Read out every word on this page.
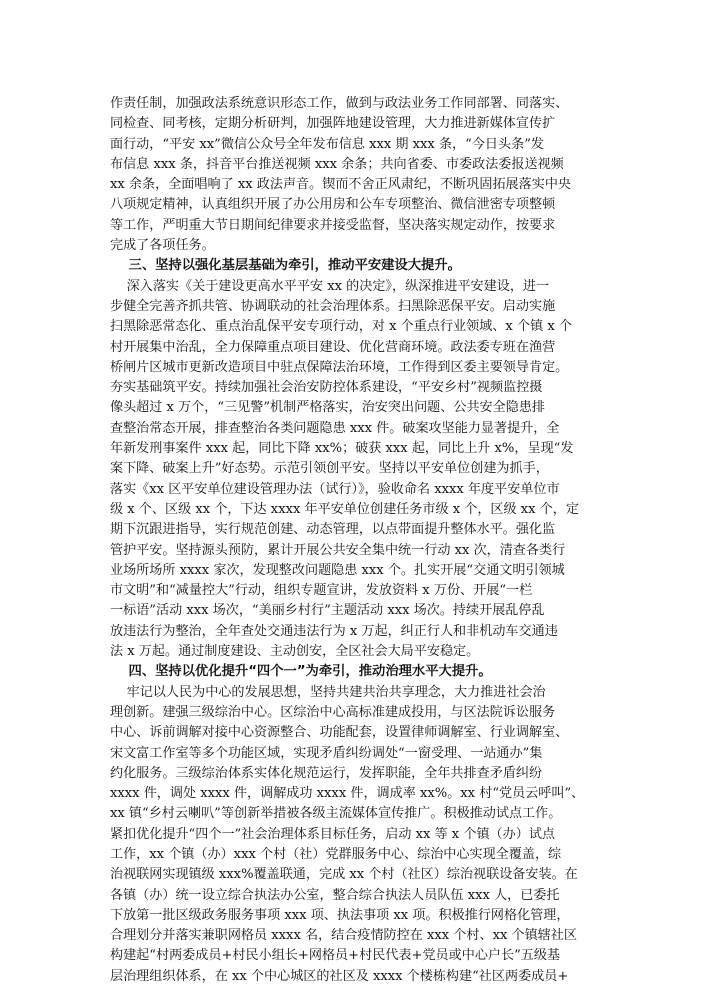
作责任制，加强政法系统意识形态工作，做到与政法业务工作同部署、同落实、
同检查、同考核，定期分析研判，加强阵地建设管理，大力推进新媒体宣传扩
面行动，“平安 xx”微信公众号全年发布信息 xxx 期 xxx 条，“今日头条”发
布信息 xxx 条，抖音平台推送视频 xxx 余条；共向省委、市委政法委报送视频
xx 余条，全面唱响了 xx 政法声音。锲而不舍正风肃纪，不断巩固拓展落实中央
八项规定精神，认真组织开展了办公用房和公车专项整治、微信泄密专项整顿
等工作，严明重大节日期间纪律要求并接受监督，坚决落实规定动作，按要求
完成了各项任务。
三、坚持以强化基层基础为牵引，推动平安建设大提升。
深入落实《关于建设更高水平平安 xx 的决定》，纵深推进平安建设，进一
步健全完善齐抓共管、协调联动的社会治理体系。扫黑除恶保平安。启动实施
扫黑除恶常态化、重点治乱保平安专项行动，对 x 个重点行业领域、x 个镇 x 个
村开展集中治乱，全力保障重点项目建设、优化营商环境。政法委专班在渔营
桥闸片区城市更新改造项目中驻点保障法治环境，工作得到区委主要领导肯定。
夯实基础筑平安。持续加强社会治安防控体系建设，“平安乡村”视频监控摄
像头超过 x 万个，“三见警”机制严格落实，治安突出问题、公共安全隐患排
查整治常态开展，排查整治各类问题隐患 xxx 件。破案攻坚能力显著提升，全
年新发刑事案件 xxx 起，同比下降 xx%；破获 xxx 起，同比上升 x%，呈现“发
案下降、破案上升”好态势。示范引领创平安。坚持以平安单位创建为抓手，
落实《xx 区平安单位建设管理办法（试行）》，验收命名 xxxx 年度平安单位市
级 x 个、区级 xx 个，下达 xxxx 年平安单位创建任务市级 x 个，区级 xx 个，定
期下沉跟进指导，实行规范创建、动态管理，以点带面提升整体水平。强化监
管护平安。坚持源头预防，累计开展公共安全集中统一行动 xx 次，清查各类行
业场所场所 xxxx 家次，发现整改问题隐患 xxx 个。扎实开展“交通文明引领城
市文明”和“减量控大”行动，组织专题宣讲，发放资料 x 万份、开展“一栏
一标语”活动 xxx 场次，“美丽乡村行”主题活动 xxx 场次。持续开展乱停乱
放违法行为整治，全年查处交通违法行为 x 万起，纠正行人和非机动车交通违
法 x 万起。通过制度建设、主动创安，全区社会大局平安稳定。
四、坚持以优化提升“四个一”为牵引，推动治理水平大提升。
牢记以人民为中心的发展思想，坚持共建共治共享理念，大力推进社会治
理创新。建强三级综治中心。区综治中心高标准建成投用，与区法院诉讼服务
中心、诉前调解对接中心资源整合、功能配套，设置律师调解室、行业调解室、
宋文富工作室等多个功能区域，实现矛盾纠纷调处“一窗受理、一站通办”集
约化服务。三级综治体系实体化规范运行，发挥职能，全年共排查矛盾纠纷
xxxx 件，调处 xxxx 件，调解成功 xxxx 件，调成率 xx%。xx 村“党员云呼叫”、
xx 镇“乡村云喇叭”等创新举措被各级主流媒体宣传推广。积极推动试点工作。
紧扣优化提升“四个一”社会治理体系目标任务，启动 xx 等 x 个镇（办）试点
工作，xx 个镇（办）xxx 个村（社）党群服务中心、综治中心实现全覆盖，综
治视联网实现镇级 xxx%覆盖联通，完成 xx 个村（社区）综治视联设备安装。在
各镇（办）统一设立综合执法办公室，整合综合执法人员队伍 xxx 人，已委托
下放第一批区级政务服务事项 xxx 项、执法事项 xx 项。积极推行网格化管理，
合理划分并落实兼职网格员 xxxx 名，结合疫情防控在 xxx 个村、xx 个镇辖社区
构建起“村两委成员+村民小组长+网格员+村民代表+党员或中心户长”五级基
层治理组织体系，在 xx 个中心城区的社区及 xxxx 个楼栋构建“社区两委成员+
